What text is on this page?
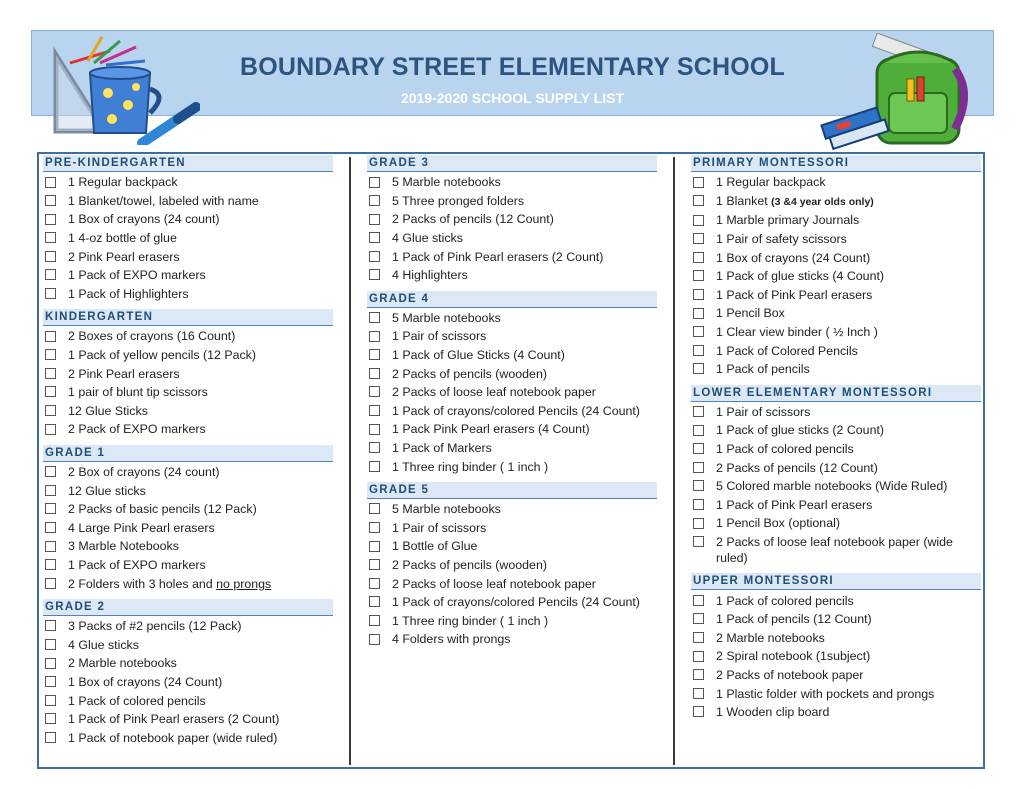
BOUNDARY STREET ELEMENTARY SCHOOL
2019-2020 SCHOOL SUPPLY LIST
PRE-KINDERGARTEN
1 Regular backpack
1 Blanket/towel, labeled with name
1 Box of crayons (24 count)
1 4-oz bottle of glue
2 Pink Pearl erasers
1 Pack of EXPO markers
1 Pack of Highlighters
KINDERGARTEN
2 Boxes of crayons (16 Count)
1 Pack of yellow pencils (12 Pack)
2 Pink Pearl erasers
1 pair of blunt tip scissors
12 Glue Sticks
2 Pack of EXPO markers
GRADE 1
2 Box of crayons (24 count)
12 Glue sticks
2 Packs of basic pencils (12 Pack)
4 Large Pink Pearl erasers
3 Marble Notebooks
1 Pack of EXPO markers
2 Folders with 3 holes and no prongs
GRADE 2
3 Packs of #2 pencils (12 Pack)
4 Glue sticks
2 Marble notebooks
1 Box of crayons (24 Count)
1 Pack of colored pencils
1 Pack of Pink Pearl erasers (2 Count)
1 Pack of notebook paper (wide ruled)
GRADE 3
5 Marble notebooks
5 Three pronged folders
2 Packs of pencils (12 Count)
4 Glue sticks
1 Pack of Pink Pearl erasers (2 Count)
4 Highlighters
GRADE 4
5 Marble notebooks
1 Pair of scissors
1 Pack of Glue Sticks (4 Count)
2 Packs of pencils (wooden)
2 Packs of loose leaf notebook paper
1 Pack of crayons/colored Pencils (24 Count)
1 Pack Pink Pearl erasers (4 Count)
1 Pack of Markers
1 Three ring binder ( 1 inch )
GRADE 5
5 Marble notebooks
1 Pair of scissors
1 Bottle of Glue
2 Packs of pencils (wooden)
2 Packs of loose leaf notebook paper
1 Pack of crayons/colored Pencils (24 Count)
1 Three ring binder ( 1 inch )
4 Folders with prongs
PRIMARY MONTESSORI
1 Regular backpack
1 Blanket (3 &4 year olds only)
1 Marble primary Journals
1 Pair of safety scissors
1 Box of crayons (24 Count)
1 Pack of glue sticks (4 Count)
1 Pack of Pink Pearl erasers
1 Pencil Box
1 Clear view binder ( ½ Inch )
1 Pack of Colored Pencils
1 Pack of pencils
LOWER ELEMENTARY MONTESSORI
1 Pair of scissors
1 Pack of glue sticks (2 Count)
1 Pack of colored pencils
2 Packs of pencils (12 Count)
5 Colored marble notebooks (Wide Ruled)
1 Pack of Pink Pearl erasers
1 Pencil Box (optional)
2 Packs of loose leaf notebook paper (wide ruled)
UPPER MONTESSORI
1 Pack of colored pencils
1 Pack of pencils (12 Count)
2 Marble notebooks
2 Spiral notebook (1subject)
2 Packs of notebook paper
1 Plastic folder with pockets and prongs
1 Wooden clip board
